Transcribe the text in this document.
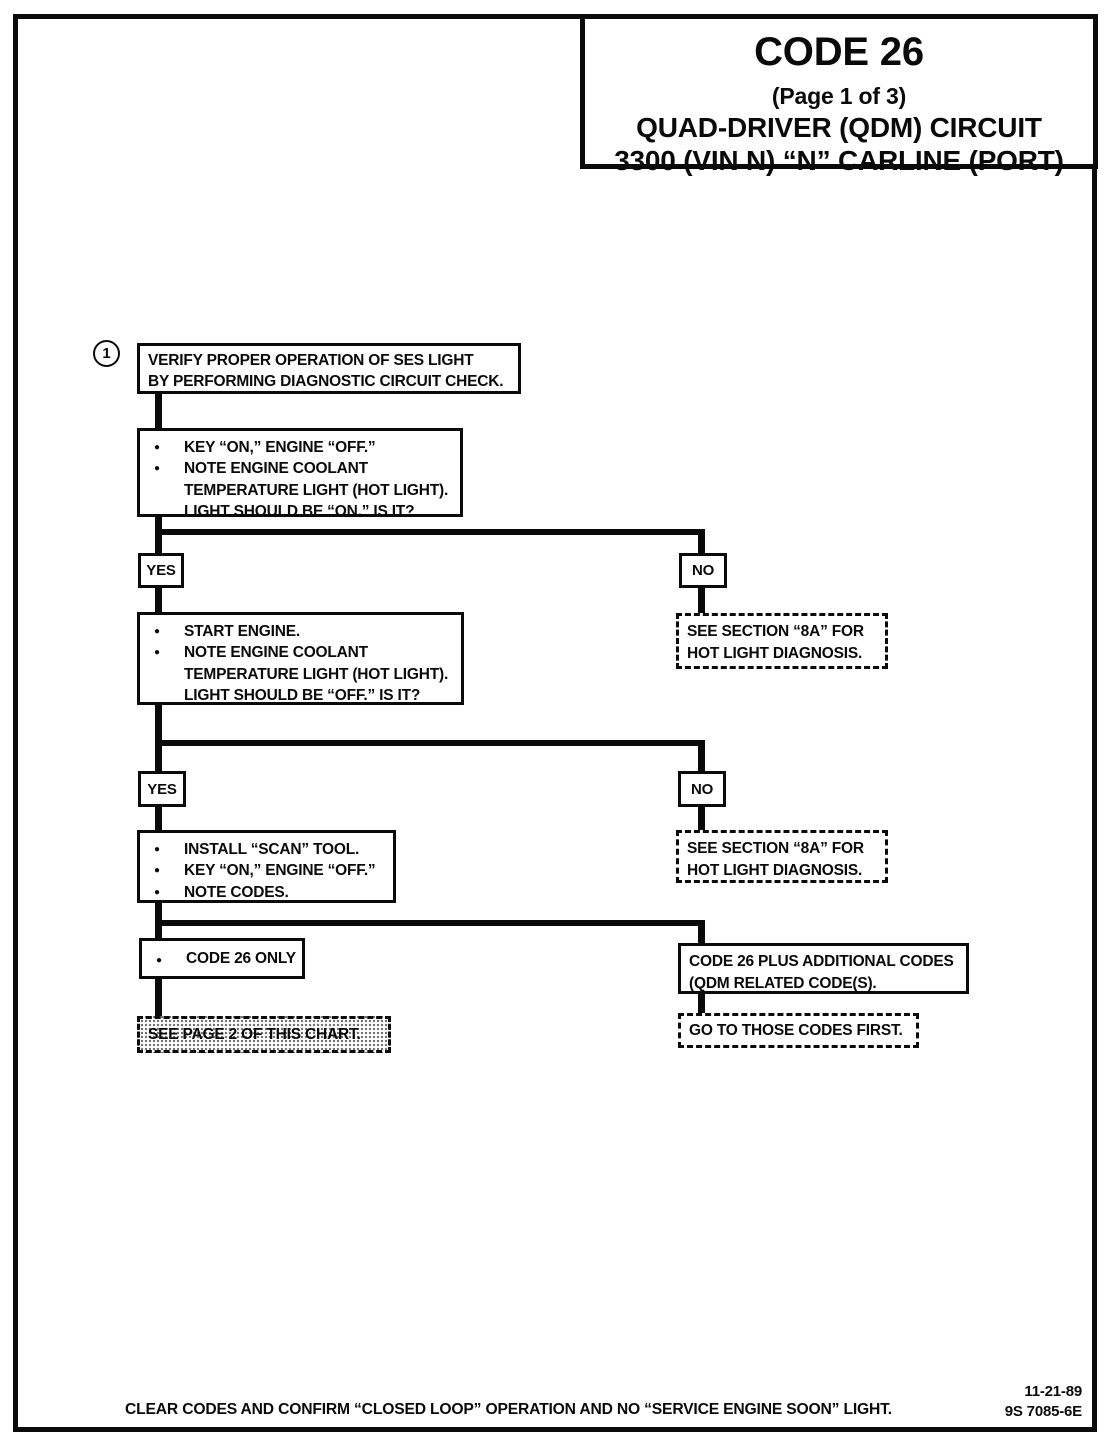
CODE 26
(Page 1 of 3)
QUAD-DRIVER (QDM) CIRCUIT
3300 (VIN N) “N” CARLINE (PORT)
1	VERIFY PROPER OPERATION OF SES LIGHT
BY PERFORMING DIAGNOSTIC CIRCUIT CHECK.
●	KEY “ON,” ENGINE “OFF.”
●	NOTE ENGINE COOLANT
TEMPERATURE LIGHT (HOT LIGHT).
LIGHT SHOULD BE “ON.” IS IT?
YES	NO
●	START ENGINE.
●	NOTE ENGINE COOLANT
TEMPERATURE LIGHT (HOT LIGHT).
LIGHT SHOULD BE “OFF.” IS IT?
SEE SECTION “8A” FOR
HOT LIGHT DIAGNOSIS.
YES	NO
●	INSTALL “SCAN” TOOL.
●	KEY “ON,” ENGINE “OFF.”
●	NOTE CODES.
SEE SECTION “8A” FOR
HOT LIGHT DIAGNOSIS.
●	CODE 26 ONLY	CODE 26 PLUS ADDITIONAL CODES
(QDM RELATED CODE(S).
SEE PAGE 2 OF THIS CHART.	GO TO THOSE CODES FIRST.
CLEAR CODES AND CONFIRM “CLOSED LOOP” OPERATION AND NO “SERVICE ENGINE SOON” LIGHT.
11-21-89
9S 7085-6E
